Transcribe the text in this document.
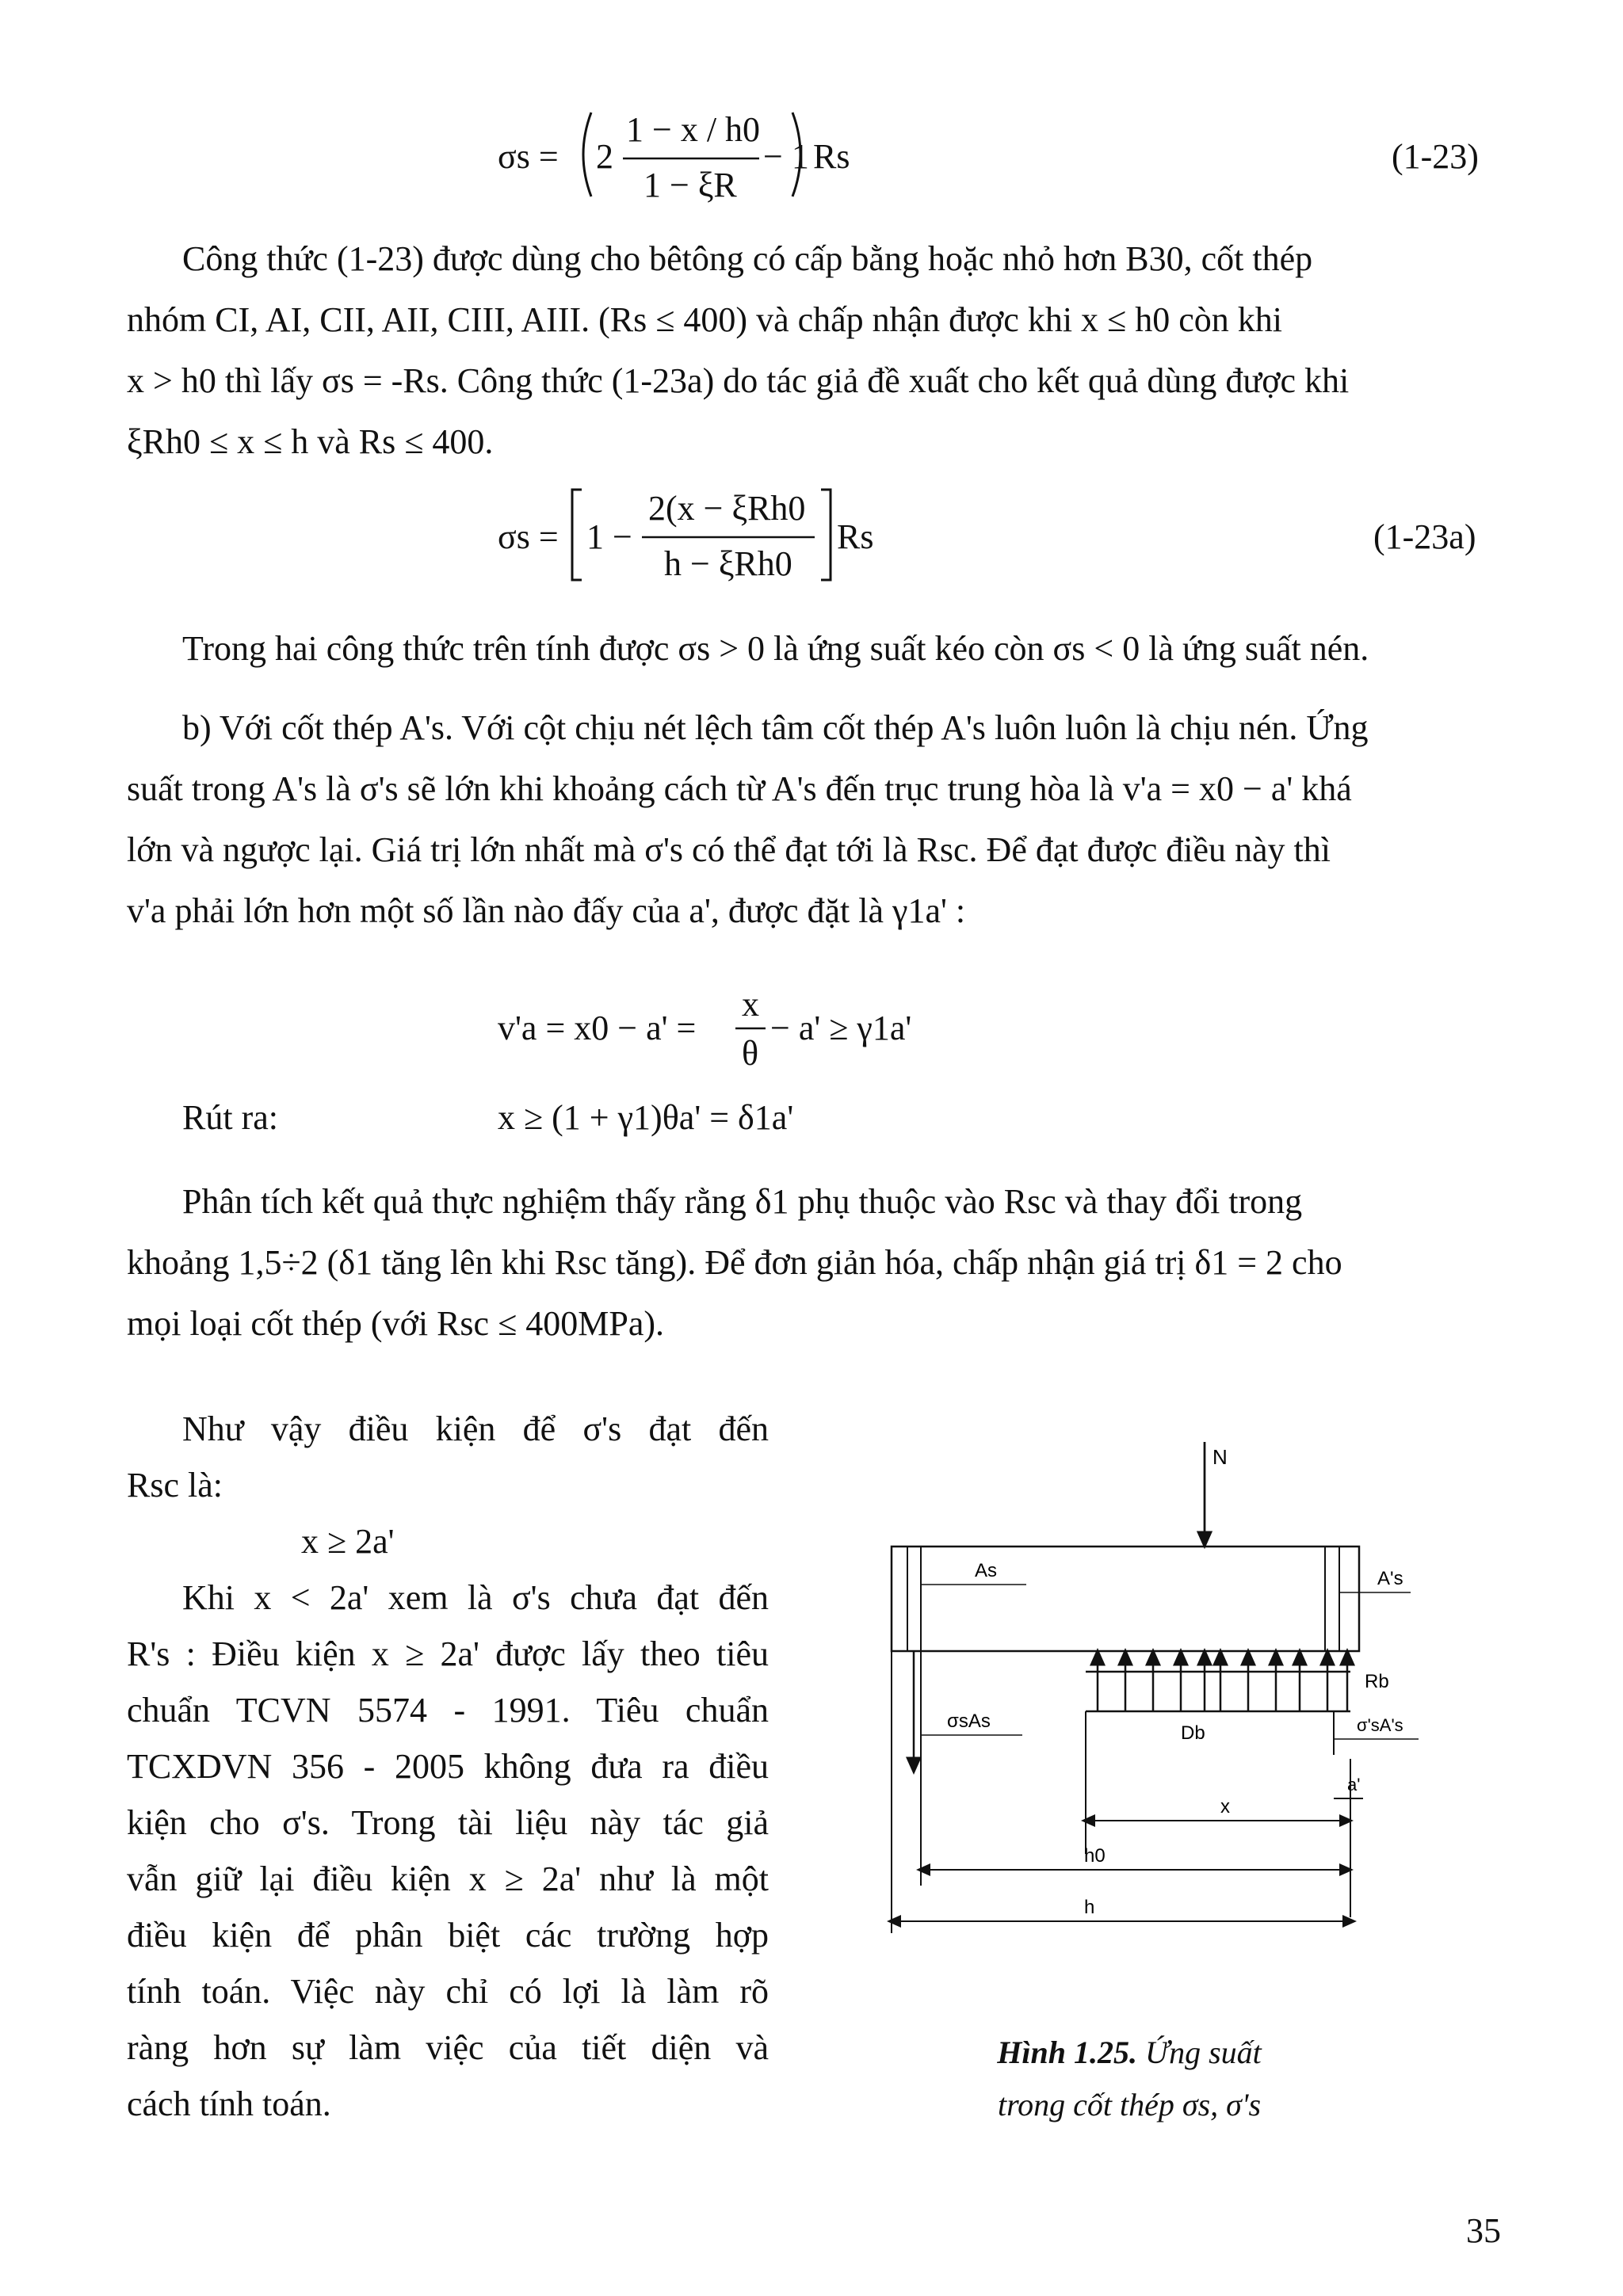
σs = 2
1 − x / h0
1 − ξR
− 1 Rs	(1-23)
Công thức (1-23) được dùng cho bêtông có cấp bằng hoặc nhỏ hơn B30, cốt thép
nhóm CI, AI, CII, AII, CIII, AIII. (Rs ≤ 400) và chấp nhận được khi x ≤ h0 còn khi
x > h0 thì lấy σs = -Rs. Công thức (1-23a) do tác giả đề xuất cho kết quả dùng được khi
ξRh0 ≤ x ≤ h và Rs ≤ 400.
σs = 1 −
2(x − ξRh0
h − ξRh0
Rs	(1-23a)
Trong hai công thức trên tính được σs > 0 là ứng suất kéo còn σs < 0 là ứng suất nén.
b) Với cốt thép A's. Với cột chịu nét lệch tâm cốt thép A's luôn luôn là chịu nén. Ứng
suất trong A's là σ's sẽ lớn khi khoảng cách từ A's đến trục trung hòa là v'a = x0 − a' khá
lớn và ngược lại. Giá trị lớn nhất mà σ's có thể đạt tới là Rsc. Để đạt được điều này thì
v'a phải lớn hơn một số lần nào đấy của a', được đặt là γ1a' :
v'a = x0 − a' =
x
θ
− a' ≥ γ1a'
Rút ra:	x ≥ (1 + γ1)θa' = δ1a'
Phân tích kết quả thực nghiệm thấy rằng δ1 phụ thuộc vào Rsc và thay đổi trong
khoảng 1,5÷2 (δ1 tăng lên khi Rsc tăng). Để đơn giản hóa, chấp nhận giá trị δ1 = 2 cho
mọi loại cốt thép (với Rsc ≤ 400MPa).
Như vậy điều kiện để σ's đạt đến
Rsc là:
x ≥ 2a'
Khi x < 2a' xem là σ's chưa đạt đến
R's : Điều kiện x ≥ 2a' được lấy theo tiêu
chuẩn TCVN 5574 - 1991. Tiêu chuẩn
TCXDVN 356 - 2005 không đưa ra điều
kiện cho σ's. Trong tài liệu này tác giả
vẫn giữ lại điều kiện x ≥ 2a' như là một
điều kiện để phân biệt các trường hợp
tính toán. Việc này chỉ có lợi là làm rõ
ràng hơn sự làm việc của tiết diện và
cách tính toán.
N
As	A's
Rb
Db
σsAs	σ'sA's
a'
x
h0
h
Hình 1.25. Ứng suất
trong cốt thép σs, σ's
35
